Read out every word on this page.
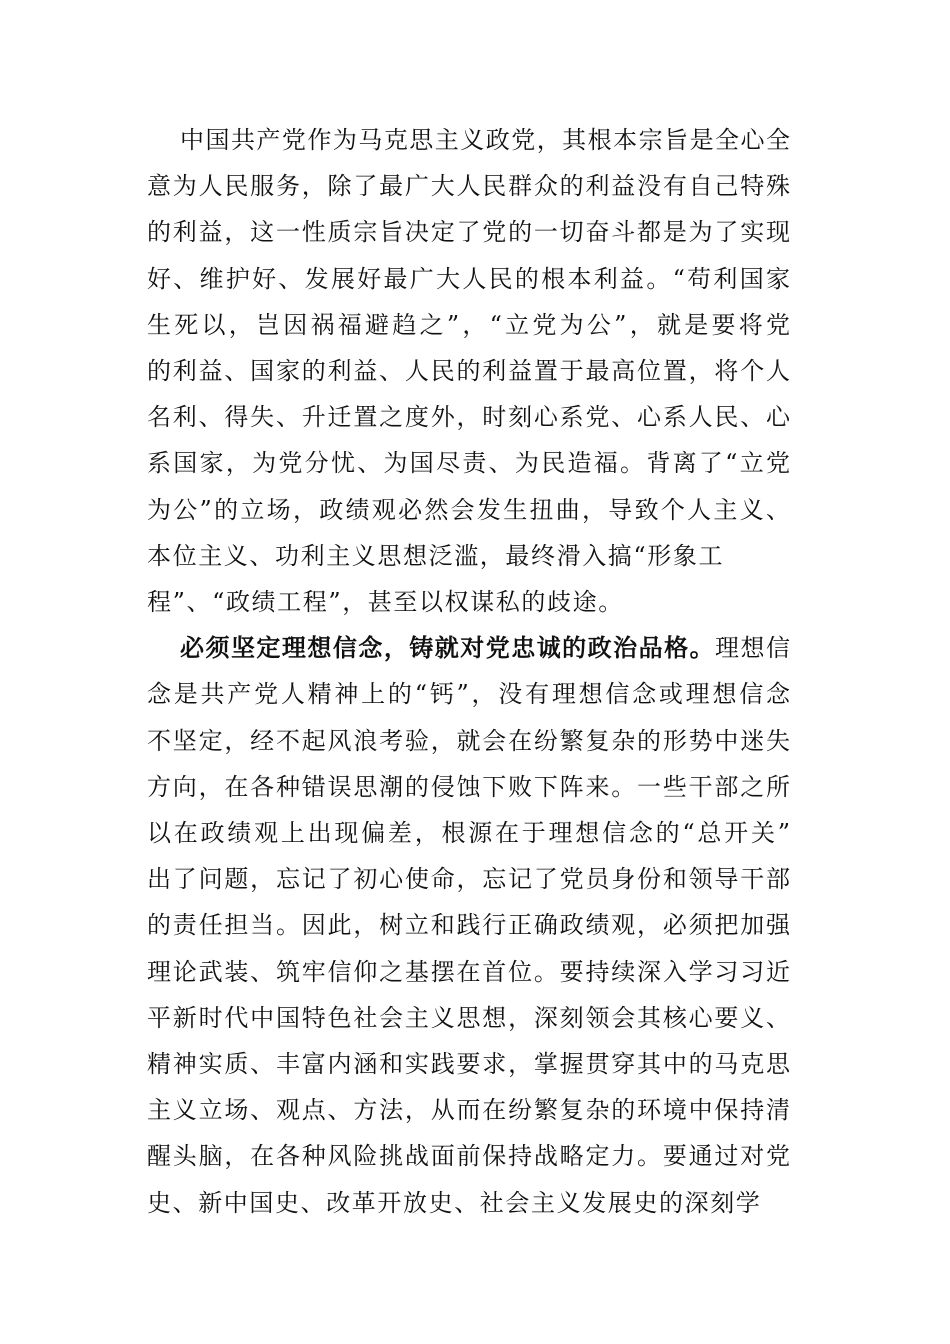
中国共产党作为马克思主义政党，其根本宗旨是全心全
意为人民服务，除了最广大人民群众的利益没有自己特殊
的利益，这一性质宗旨决定了党的一切奋斗都是为了实现
好、维护好、发展好最广大人民的根本利益。“苟利国家
生死以，岂因祸福避趋之”，“立党为公”，就是要将党
的利益、国家的利益、人民的利益置于最高位置，将个人
名利、得失、升迁置之度外，时刻心系党、心系人民、心
系国家，为党分忧、为国尽责、为民造福。背离了“立党
为公”的立场，政绩观必然会发生扭曲，导致个人主义、
本位主义、功利主义思想泛滥，最终滑入搞“形象工
程”、“政绩工程”，甚至以权谋私的歧途。
必须坚定理想信念，铸就对党忠诚的政治品格。理想信
念是共产党人精神上的“钙”，没有理想信念或理想信念
不坚定，经不起风浪考验，就会在纷繁复杂的形势中迷失
方向，在各种错误思潮的侵蚀下败下阵来。一些干部之所
以在政绩观上出现偏差，根源在于理想信念的“总开关”
出了问题，忘记了初心使命，忘记了党员身份和领导干部
的责任担当。因此，树立和践行正确政绩观，必须把加强
理论武装、筑牢信仰之基摆在首位。要持续深入学习习近
平新时代中国特色社会主义思想，深刻领会其核心要义、
精神实质、丰富内涵和实践要求，掌握贯穿其中的马克思
主义立场、观点、方法，从而在纷繁复杂的环境中保持清
醒头脑，在各种风险挑战面前保持战略定力。要通过对党
史、新中国史、改革开放史、社会主义发展史的深刻学
